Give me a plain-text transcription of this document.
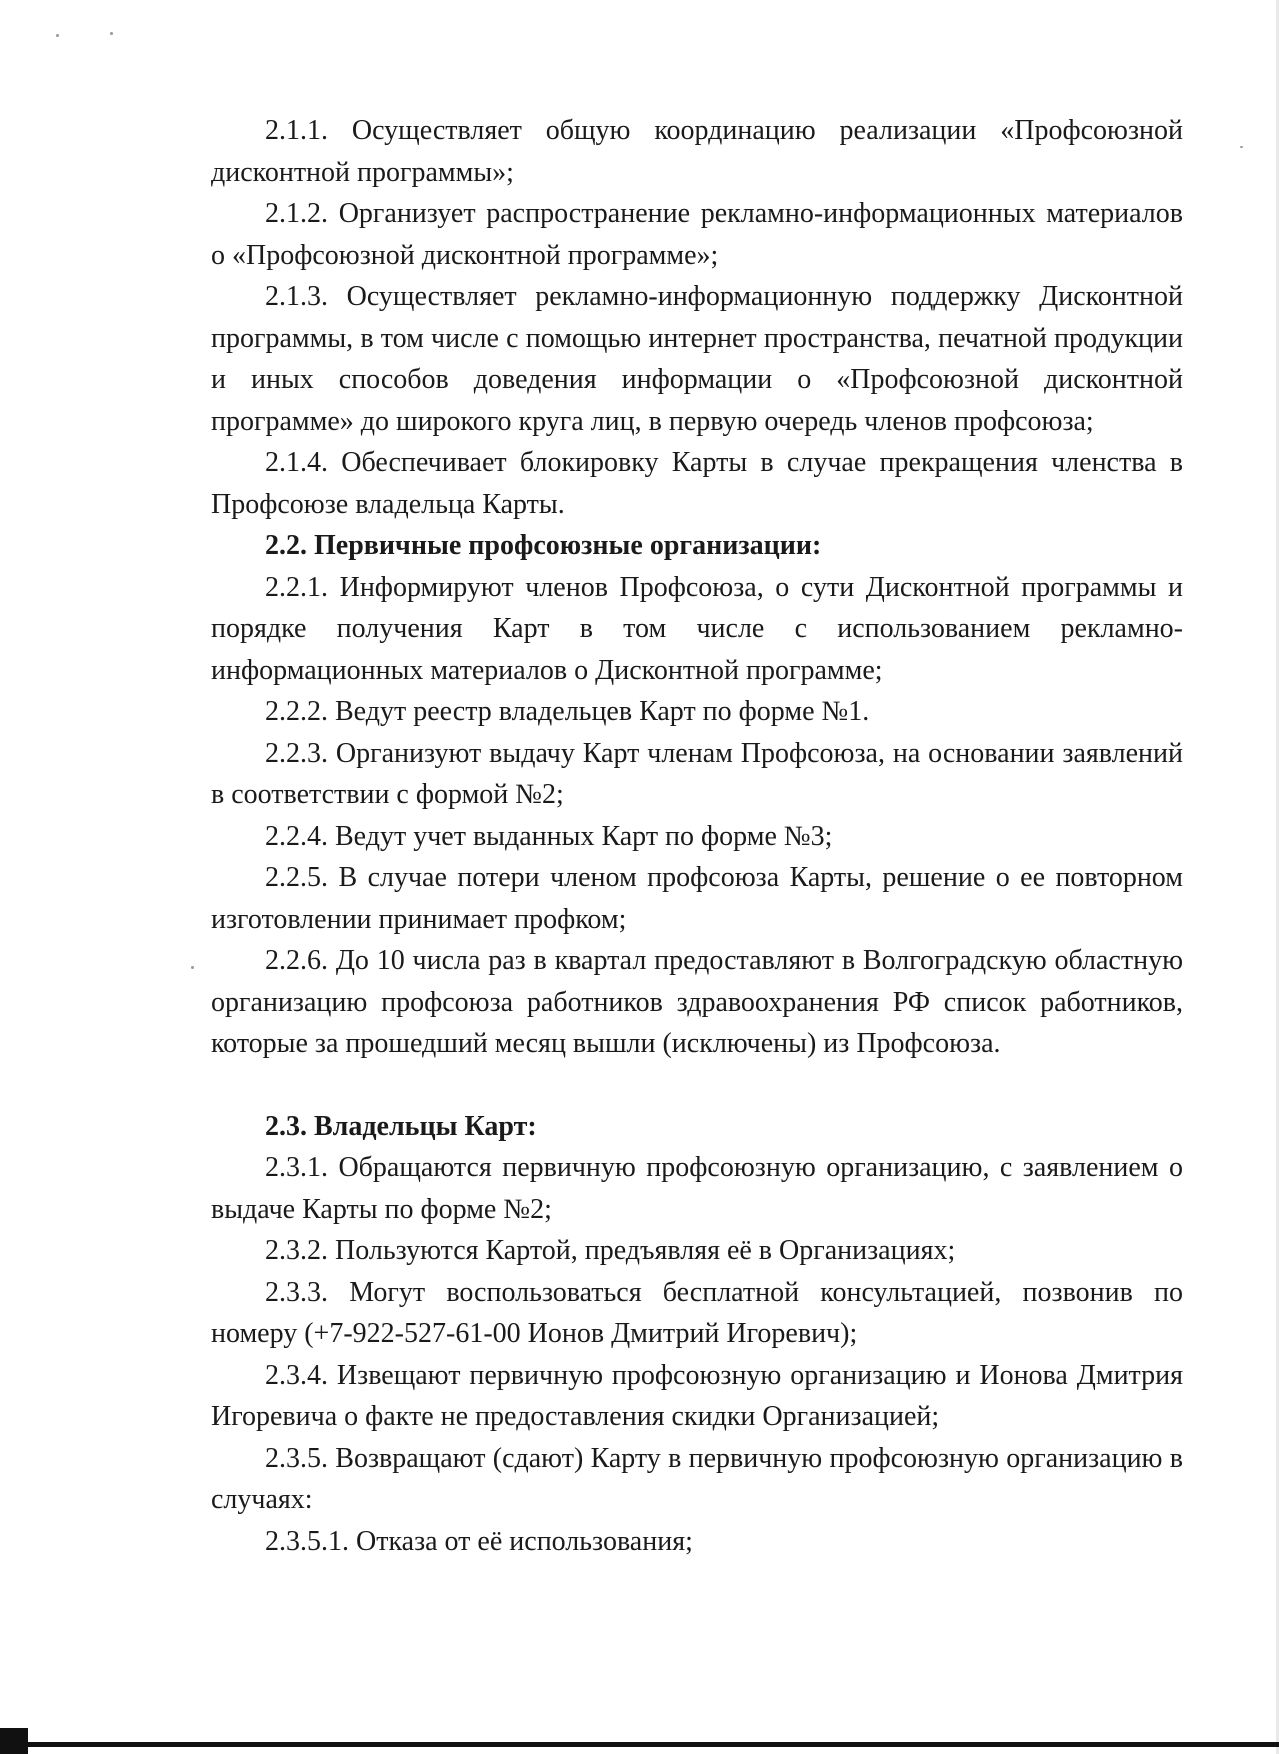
2.1.1. Осуществляет общую координацию реализации «Профсоюзной дисконтной программы»;

2.1.2. Организует распространение рекламно-информационных материалов о «Профсоюзной дисконтной программе»;

2.1.3. Осуществляет рекламно-информационную поддержку Дисконтной программы, в том числе с помощью интернет пространства, печатной продукции и иных способов доведения информации о «Профсоюзной дисконтной программе» до широкого круга лиц, в первую очередь членов профсоюза;

2.1.4. Обеспечивает блокировку Карты в случае прекращения членства в Профсоюзе владельца Карты.

2.2. Первичные профсоюзные организации:

2.2.1. Информируют членов Профсоюза, о сути Дисконтной программы и порядке получения Карт в том числе с использованием рекламно-информационных материалов о Дисконтной программе;

2.2.2. Ведут реестр владельцев Карт по форме №1.

2.2.3. Организуют выдачу Карт членам Профсоюза, на основании заявлений в соответствии с формой №2;

2.2.4. Ведут учет выданных Карт по форме №3;

2.2.5. В случае потери членом профсоюза Карты, решение о ее повторном изготовлении принимает профком;

2.2.6. До 10 числа раз в квартал предоставляют в Волгоградскую областную организацию профсоюза работников здравоохранения РФ список работников, которые за прошедший месяц вышли (исключены) из Профсоюза.

2.3. Владельцы Карт:

2.3.1. Обращаются первичную профсоюзную организацию, с заявлением о выдаче Карты по форме №2;

2.3.2. Пользуются Картой, предъявляя её в Организациях;

2.3.3. Могут воспользоваться бесплатной консультацией, позвонив по номеру (+7-922-527-61-00 Ионов Дмитрий Игоревич);

2.3.4. Извещают первичную профсоюзную организацию и Ионова Дмитрия Игоревича о факте не предоставления скидки Организацией;

2.3.5. Возвращают (сдают) Карту в первичную профсоюзную организацию в случаях:

2.3.5.1. Отказа от её использования;
